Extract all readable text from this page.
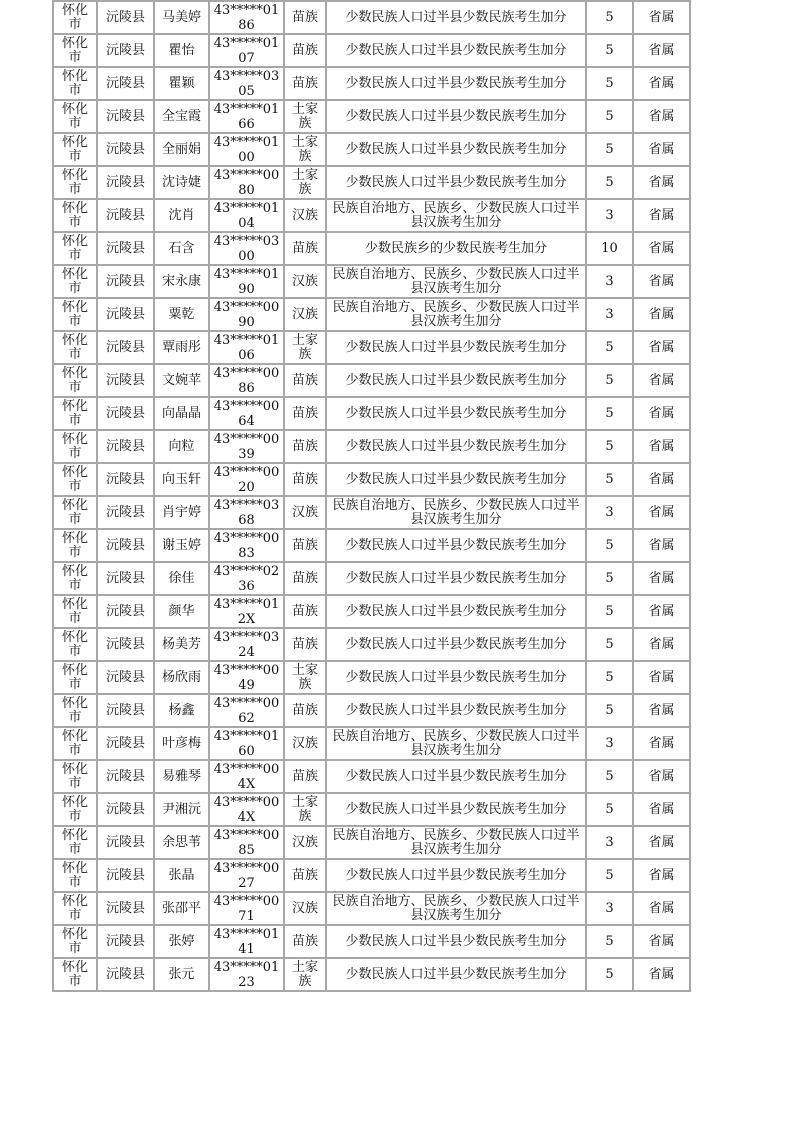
怀化市	沅陵县	马美婷	43*****0186	苗族	少数民族人口过半县少数民族考生加分	5	省属

怀化市	沅陵县	瞿怡	43*****0107	苗族	少数民族人口过半县少数民族考生加分	5	省属

怀化市	沅陵县	瞿颖	43*****0305	苗族	少数民族人口过半县少数民族考生加分	5	省属

怀化市	沅陵县	全宝霞	43*****0166	土家族	少数民族人口过半县少数民族考生加分	5	省属

怀化市	沅陵县	全丽娟	43*****0100	土家族	少数民族人口过半县少数民族考生加分	5	省属

怀化市	沅陵县	沈诗婕	43*****0080	土家族	少数民族人口过半县少数民族考生加分	5	省属

怀化市	沅陵县	沈肖	43*****0104	汉族	民族自治地方、民族乡、少数民族人口过半县汉族考生加分	3	省属

怀化市	沅陵县	石含	43*****0300	苗族	少数民族乡的少数民族考生加分	10	省属

怀化市	沅陵县	宋永康	43*****0190	汉族	民族自治地方、民族乡、少数民族人口过半县汉族考生加分	3	省属

怀化市	沅陵县	粟乾	43*****0090	汉族	民族自治地方、民族乡、少数民族人口过半县汉族考生加分	3	省属

怀化市	沅陵县	覃雨彤	43*****0106	土家族	少数民族人口过半县少数民族考生加分	5	省属

怀化市	沅陵县	文婉苹	43*****0086	苗族	少数民族人口过半县少数民族考生加分	5	省属

怀化市	沅陵县	向晶晶	43*****0064	苗族	少数民族人口过半县少数民族考生加分	5	省属

怀化市	沅陵县	向粒	43*****0039	苗族	少数民族人口过半县少数民族考生加分	5	省属

怀化市	沅陵县	向玉轩	43*****0020	苗族	少数民族人口过半县少数民族考生加分	5	省属

怀化市	沅陵县	肖宇婷	43*****0368	汉族	民族自治地方、民族乡、少数民族人口过半县汉族考生加分	3	省属

怀化市	沅陵县	谢玉婷	43*****0083	苗族	少数民族人口过半县少数民族考生加分	5	省属

怀化市	沅陵县	徐佳	43*****0236	苗族	少数民族人口过半县少数民族考生加分	5	省属

怀化市	沅陵县	颜华	43*****012X	苗族	少数民族人口过半县少数民族考生加分	5	省属

怀化市	沅陵县	杨美芳	43*****0324	苗族	少数民族人口过半县少数民族考生加分	5	省属

怀化市	沅陵县	杨欣雨	43*****0049	土家族	少数民族人口过半县少数民族考生加分	5	省属

怀化市	沅陵县	杨鑫	43*****0062	苗族	少数民族人口过半县少数民族考生加分	5	省属

怀化市	沅陵县	叶彦梅	43*****0160	汉族	民族自治地方、民族乡、少数民族人口过半县汉族考生加分	3	省属

怀化市	沅陵县	易雅琴	43*****004X	苗族	少数民族人口过半县少数民族考生加分	5	省属

怀化市	沅陵县	尹湘沅	43*****004X	土家族	少数民族人口过半县少数民族考生加分	5	省属

怀化市	沅陵县	余思苇	43*****0085	汉族	民族自治地方、民族乡、少数民族人口过半县汉族考生加分	3	省属

怀化市	沅陵县	张晶	43*****0027	苗族	少数民族人口过半县少数民族考生加分	5	省属

怀化市	沅陵县	张邵平	43*****0071	汉族	民族自治地方、民族乡、少数民族人口过半县汉族考生加分	3	省属

怀化市	沅陵县	张婷	43*****0141	苗族	少数民族人口过半县少数民族考生加分	5	省属

怀化市	沅陵县	张元	43*****0123	土家族	少数民族人口过半县少数民族考生加分	5	省属
